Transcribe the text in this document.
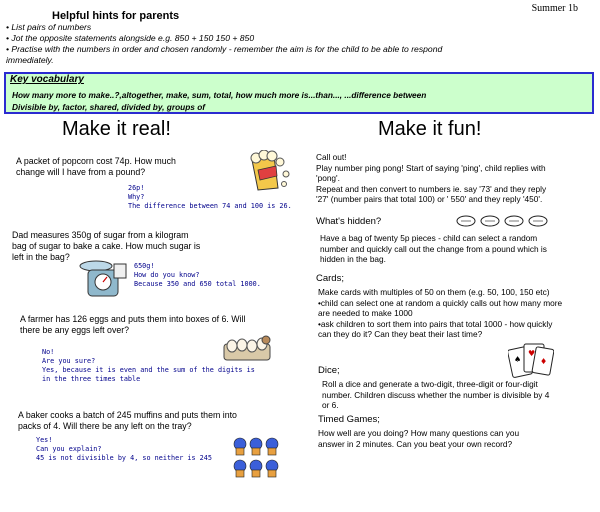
Helpful hints for parents
Summer 1b
• List pairs of numbers
• Jot the opposite statements alongside e.g. 850 + 150 150 + 850
• Practise with the numbers in order and chosen randomly - remember the aim is for the child to be able to respond
immediately.
Key vocabulary
How many more to make..?,altogether, make, sum, total, how much more is...than..., ...difference between
Divisible by, factor, shared, divided by, groups of
Make it real!
A packet of popcorn cost 74p. How much
change will I have from a pound?
26p!
Why?
The difference between 74 and 100 is 26.
Dad measures 350g of sugar from a kilogram
bag of sugar to bake a cake. How much sugar is
left in the bag?
650g!
How do you know?
Because 350 and 650 total 1000.
A farmer has 126 eggs and puts them into boxes of 6. Will
there be any eggs left over?
No!
Are you sure?
Yes, because it is even and the sum of the digits is
in the three times table
A baker cooks a batch of 245 muffins and puts them into
packs of 4. Will there be any left on the tray?
Yes!
Can you explain?
45 is not divisible by 4, so neither is 245
Make it fun!
Call out!
Play number ping pong! Start of saying 'ping', child replies with
'pong'.
Repeat and then convert to numbers ie. say '73' and they reply
'27' (number pairs that total 100) or ' 550' and they reply '450'.
What's hidden?
Have a bag of twenty 5p pieces - child can select a random
number and quickly call out the change from a pound which is
hidden in the bag.
Cards;
Make cards with multiples of 50 on them (e.g. 50, 100, 150 etc)
•child can select one at random a quickly calls out how many more
are needed to make 1000
•ask children to sort them into pairs that total 1000 - how quickly
can they do it? Can they beat their last time?
♥
♠ ♦
Dice;
Roll a dice and generate a two-digit, three-digit or four-digit
number. Children discuss whether the number is divisible by 4
or 6.
Timed Games;
How well are you doing? How many questions can you
answer in 2 minutes. Can you beat your own record?
